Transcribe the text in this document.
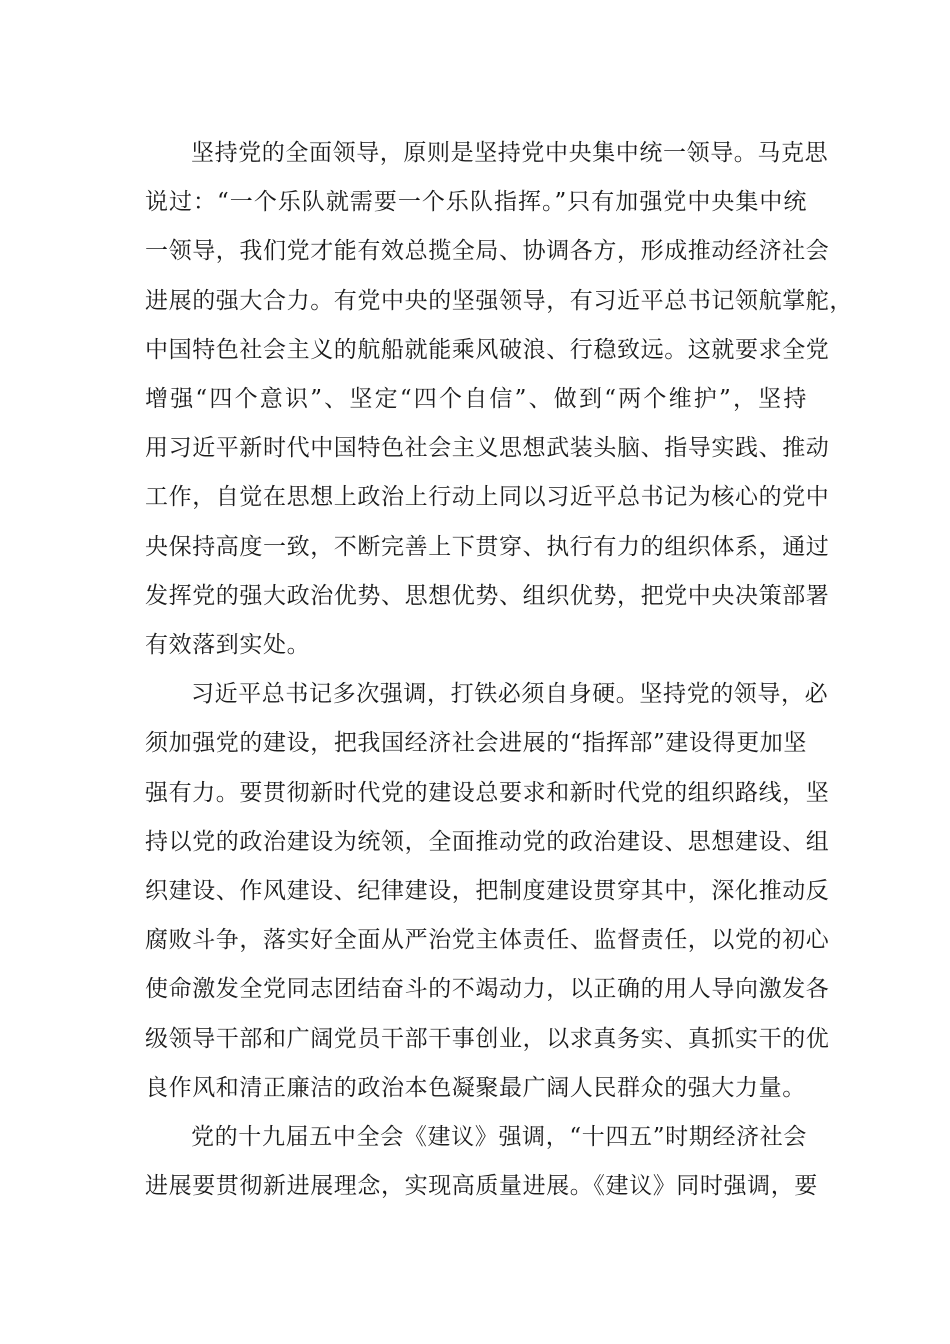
坚持党的全面领导，原则是坚持党中央集中统一领导。马克思
说过：“一个乐队就需要一个乐队指挥。”只有加强党中央集中统
一领导，我们党才能有效总揽全局、协调各方，形成推动经济社会
进展的强大合力。有党中央的坚强领导，有习近平总书记领航掌舵，
中国特色社会主义的航船就能乘风破浪、行稳致远。这就要求全党
增强“四个意识”、坚定“四个自信”、做到“两个维护”，坚持
用习近平新时代中国特色社会主义思想武装头脑、指导实践、推动
工作，自觉在思想上政治上行动上同以习近平总书记为核心的党中
央保持高度一致，不断完善上下贯穿、执行有力的组织体系，通过
发挥党的强大政治优势、思想优势、组织优势，把党中央决策部署
有效落到实处。
习近平总书记多次强调，打铁必须自身硬。坚持党的领导，必
须加强党的建设，把我国经济社会进展的“指挥部”建设得更加坚
强有力。要贯彻新时代党的建设总要求和新时代党的组织路线，坚
持以党的政治建设为统领，全面推动党的政治建设、思想建设、组
织建设、作风建设、纪律建设，把制度建设贯穿其中，深化推动反
腐败斗争，落实好全面从严治党主体责任、监督责任，以党的初心
使命激发全党同志团结奋斗的不竭动力，以正确的用人导向激发各
级领导干部和广阔党员干部干事创业，以求真务实、真抓实干的优
良作风和清正廉洁的政治本色凝聚最广阔人民群众的强大力量。
党的十九届五中全会《建议》强调，“十四五”时期经济社会
进展要贯彻新进展理念，实现高质量进展。《建议》同时强调，要
